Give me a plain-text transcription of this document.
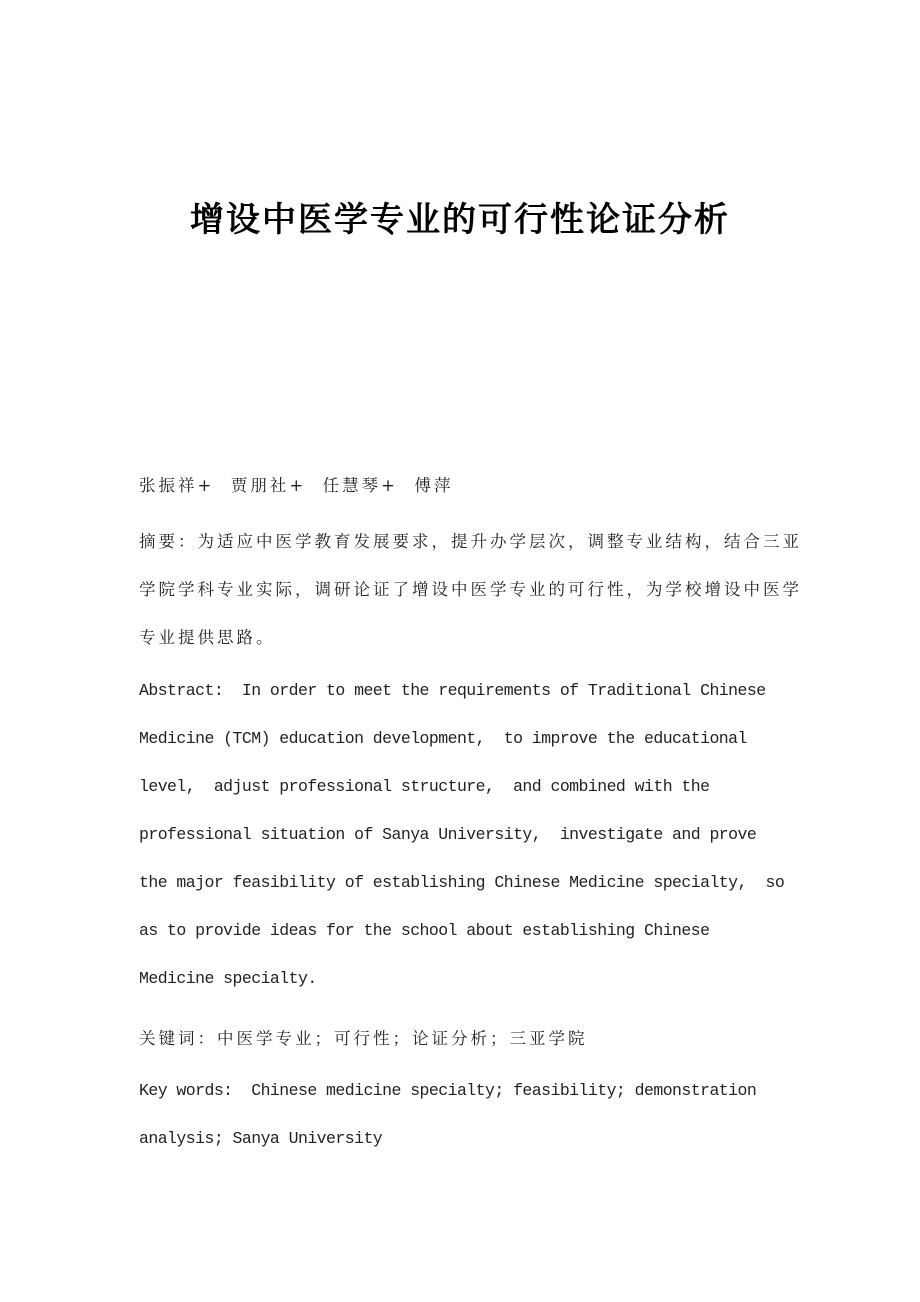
增设中医学专业的可行性论证分析
张振祥+  贾朋社+  任慧琴+  傅萍
摘要：为适应中医学教育发展要求，提升办学层次，调整专业结构，结合三亚
学院学科专业实际，调研论证了增设中医学专业的可行性，为学校增设中医学
专业提供思路。
Abstract:  In order to meet the requirements of Traditional Chinese
Medicine (TCM) education development,  to improve the educational
level,  adjust professional structure,  and combined with the
professional situation of Sanya University,  investigate and prove
the major feasibility of establishing Chinese Medicine specialty,  so
as to provide ideas for the school about establishing Chinese
Medicine specialty.
关键词：中医学专业；可行性；论证分析；三亚学院
Key words:  Chinese medicine specialty; feasibility; demonstration
analysis; Sanya University
